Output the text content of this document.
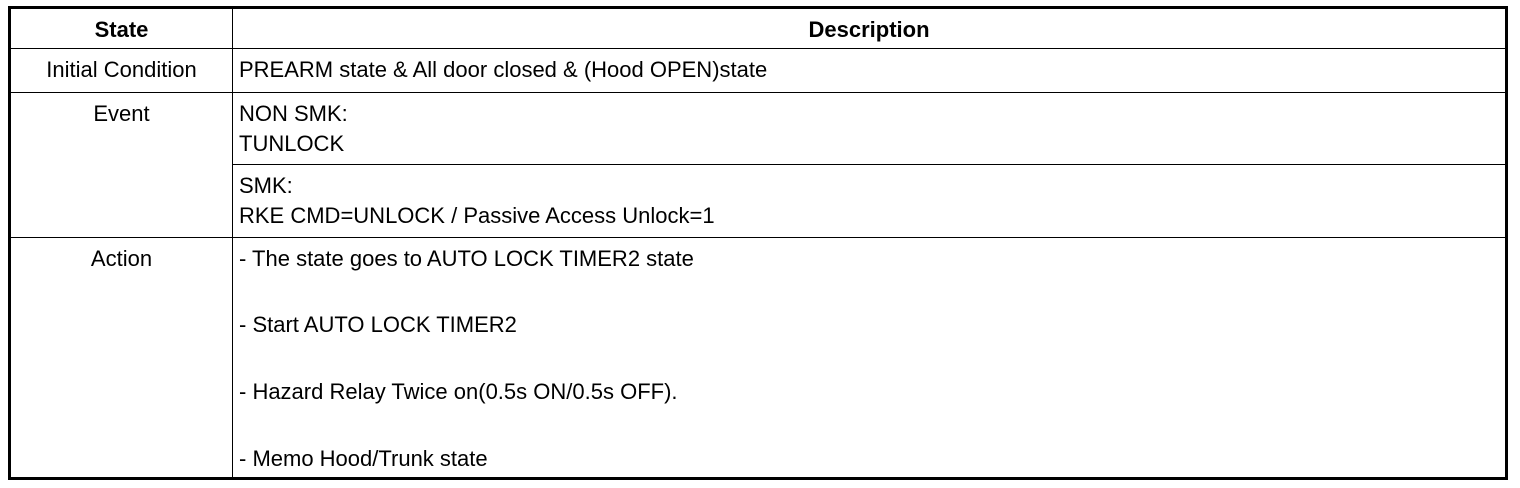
State	Description
Initial Condition	PREARM state & All door closed & (Hood OPEN)state
Event	NON SMK:
TUNLOCK
SMK:
RKE CMD=UNLOCK / Passive Access Unlock=1
Action	- The state goes to AUTO LOCK TIMER2 state
- Start AUTO LOCK TIMER2
- Hazard Relay Twice on(0.5s ON/0.5s OFF).
- Memo Hood/Trunk state
